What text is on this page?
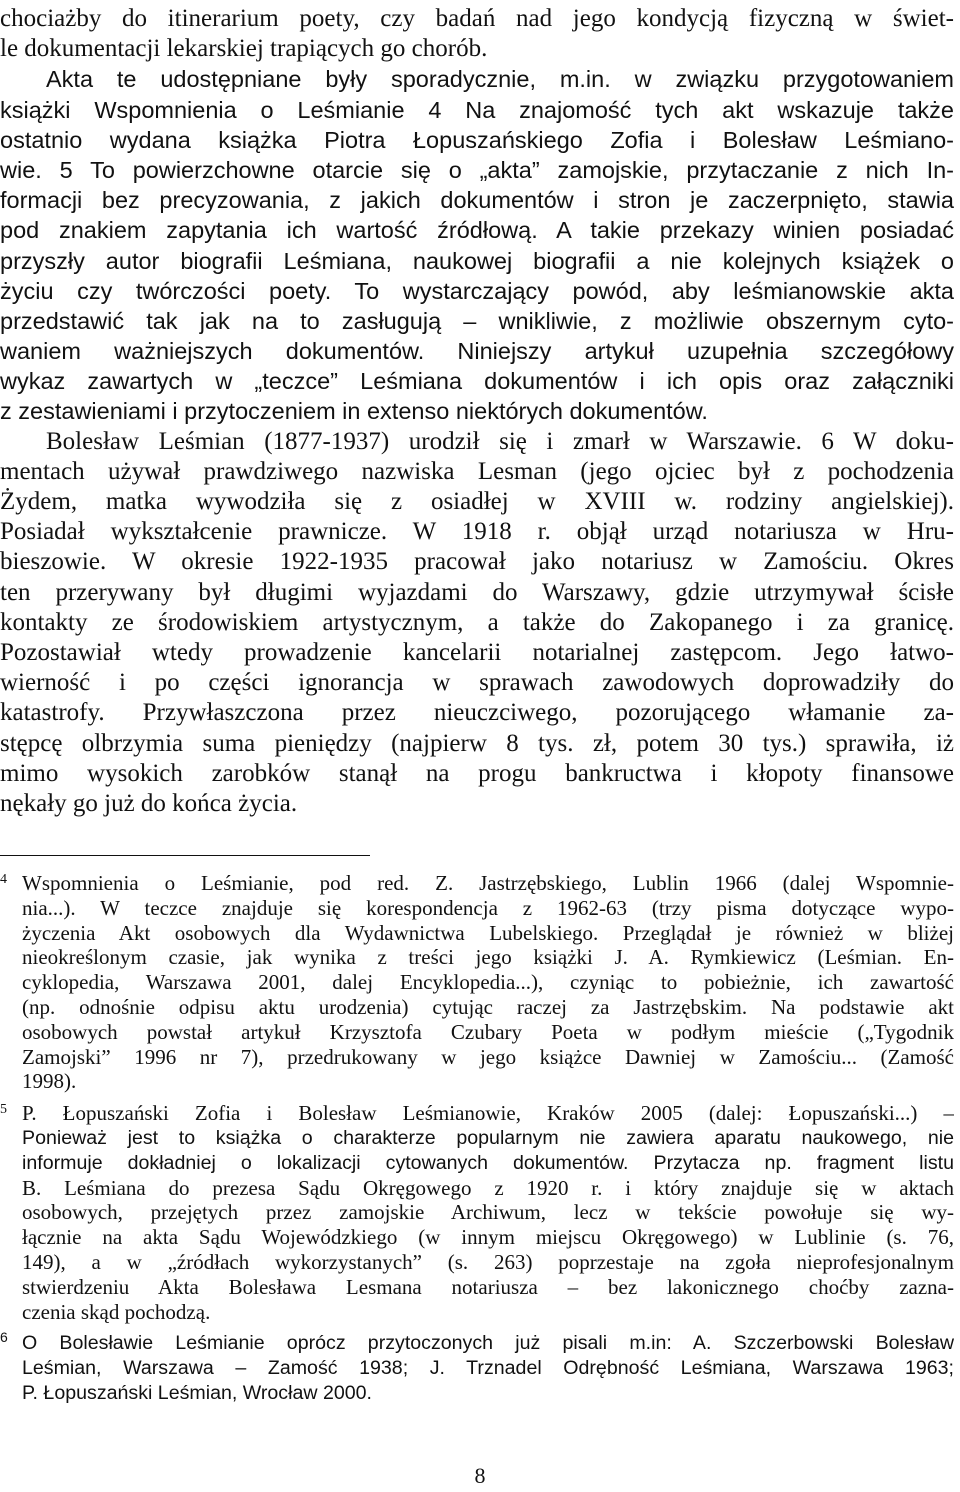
chociażby do itinerarium poety, czy badań nad jego kondycją fizyczną w świet-
le dokumentacji lekarskiej trapiących go chorób.
Akta te udostępniane były sporadycznie, m.in. w związku przygotowaniem
książki Wspomnienia o Leśmianie 4 Na znajomość tych akt wskazuje także
ostatnio wydana książka Piotra Łopuszańskiego Zofia i Bolesław Leśmiano-
wie. 5 To powierzchowne otarcie się o „akta” zamojskie, przytaczanie z nich In-
formacji bez precyzowania, z jakich dokumentów i stron je zaczerpnięto, stawia
pod znakiem zapytania ich wartość źródłową. A takie przekazy winien posiadać
przyszły autor biografii Leśmiana, naukowej biografii a nie kolejnych książek o
życiu czy twórczości poety. To wystarczający powód, aby leśmianowskie akta
przedstawić tak jak na to zasługują – wnikliwie, z możliwie obszernym cyto-
waniem ważniejszych dokumentów. Niniejszy artykuł uzupełnia szczegółowy
wykaz zawartych w „teczce” Leśmiana dokumentów i ich opis oraz załączniki
z zestawieniami i przytoczeniem in extenso niektórych dokumentów.
Bolesław Leśmian (1877-1937) urodził się i zmarł w Warszawie. 6 W doku-
mentach używał prawdziwego nazwiska Lesman (jego ojciec był z pochodzenia
Żydem, matka wywodziła się z osiadłej w XVIII w. rodziny angielskiej).
Posiadał wykształcenie prawnicze. W 1918 r. objął urząd notariusza w Hru-
bieszowie. W okresie 1922-1935 pracował jako notariusz w Zamościu. Okres
ten przerywany był długimi wyjazdami do Warszawy, gdzie utrzymywał ścisłe
kontakty ze środowiskiem artystycznym, a także do Zakopanego i za granicę.
Pozostawiał wtedy prowadzenie kancelarii notarialnej zastępcom. Jego łatwo-
wierność i po części ignorancja w sprawach zawodowych doprowadziły do
katastrofy. Przywłaszczona przez nieuczciwego, pozorującego włamanie za-
stępcę olbrzymia suma pieniędzy (najpierw 8 tys. zł, potem 30 tys.) sprawiła, iż
mimo wysokich zarobków stanął na progu bankructwa i kłopoty finansowe
nękały go już do końca życia.
4 Wspomnienia o Leśmianie, pod red. Z. Jastrzębskiego, Lublin 1966 (dalej Wspomnie-
nia...). W teczce znajduje się korespondencja z 1962-63 (trzy pisma dotyczące wypo-
życzenia Akt osobowych dla Wydawnictwa Lubelskiego. Przeglądał je również w bliżej
nieokreślonym czasie, jak wynika z treści jego książki J. A. Rymkiewicz (Leśmian. En-
cyklopedia, Warszawa 2001, dalej Encyklopedia...), czyniąc to pobieżnie, ich zawartość
(np. odnośnie odpisu aktu urodzenia) cytując raczej za Jastrzębskim. Na podstawie akt
osobowych powstał artykuł Krzysztofa Czubary Poeta w podłym mieście („Tygodnik
Zamojski” 1996 nr 7), przedrukowany w jego książce Dawniej w Zamościu... (Zamość
1998).
5 P. Łopuszański Zofia i Bolesław Leśmianowie, Kraków 2005 (dalej: Łopuszański...) –
Ponieważ jest to książka o charakterze popularnym nie zawiera aparatu naukowego, nie
informuje dokładniej o lokalizacji cytowanych dokumentów. Przytacza np. fragment listu
B. Leśmiana do prezesa Sądu Okręgowego z 1920 r. i który znajduje się w aktach
osobowych, przejętych przez zamojskie Archiwum, lecz w tekście powołuje się wy-
łącznie na akta Sądu Wojewódzkiego (w innym miejscu Okręgowego) w Lublinie (s. 76,
149), a w „źródłach wykorzystanych” (s. 263) poprzestaje na zgoła nieprofesjonalnym
stwierdzeniu Akta Bolesława Lesmana notariusza – bez lakonicznego choćby zazna-
czenia skąd pochodzą.
6 O Bolesławie Leśmianie oprócz przytoczonych już pisali m.in: A. Szczerbowski Bolesław
Leśmian, Warszawa – Zamość 1938; J. Trznadel Odrębność Leśmiana, Warszawa 1963;
P. Łopuszański Leśmian, Wrocław 2000.
8
